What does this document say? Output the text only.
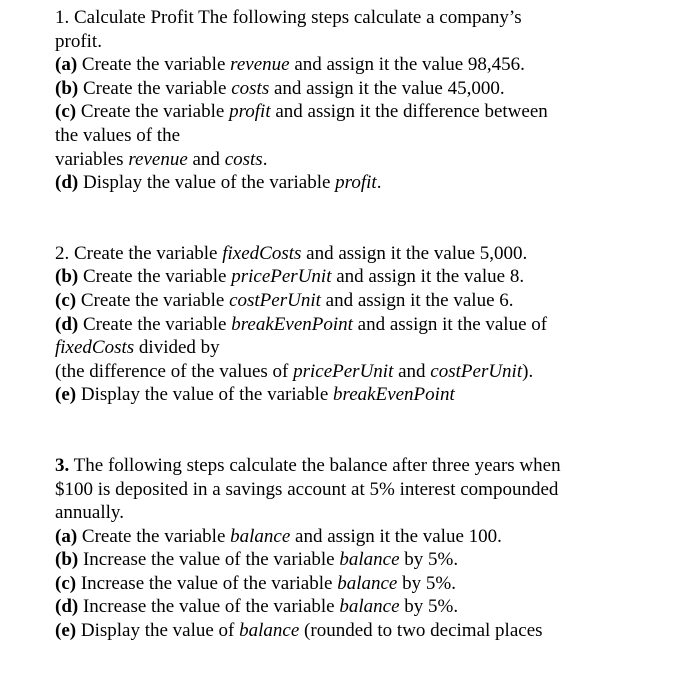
1. Calculate Profit The following steps calculate a company’s
profit.
(a) Create the variable revenue and assign it the value 98,456.
(b) Create the variable costs and assign it the value 45,000.
(c) Create the variable profit and assign it the difference between
the values of the
variables revenue and costs.
(d) Display the value of the variable profit.
2. Create the variable fixedCosts and assign it the value 5,000.
(b) Create the variable pricePerUnit and assign it the value 8.
(c) Create the variable costPerUnit and assign it the value 6.
(d) Create the variable breakEvenPoint and assign it the value of
fixedCosts divided by
(the difference of the values of pricePerUnit and costPerUnit).
(e) Display the value of the variable breakEvenPoint
3. The following steps calculate the balance after three years when
$100 is deposited in a savings account at 5% interest compounded
annually.
(a) Create the variable balance and assign it the value 100.
(b) Increase the value of the variable balance by 5%.
(c) Increase the value of the variable balance by 5%.
(d) Increase the value of the variable balance by 5%.
(e) Display the value of balance (rounded to two decimal places
